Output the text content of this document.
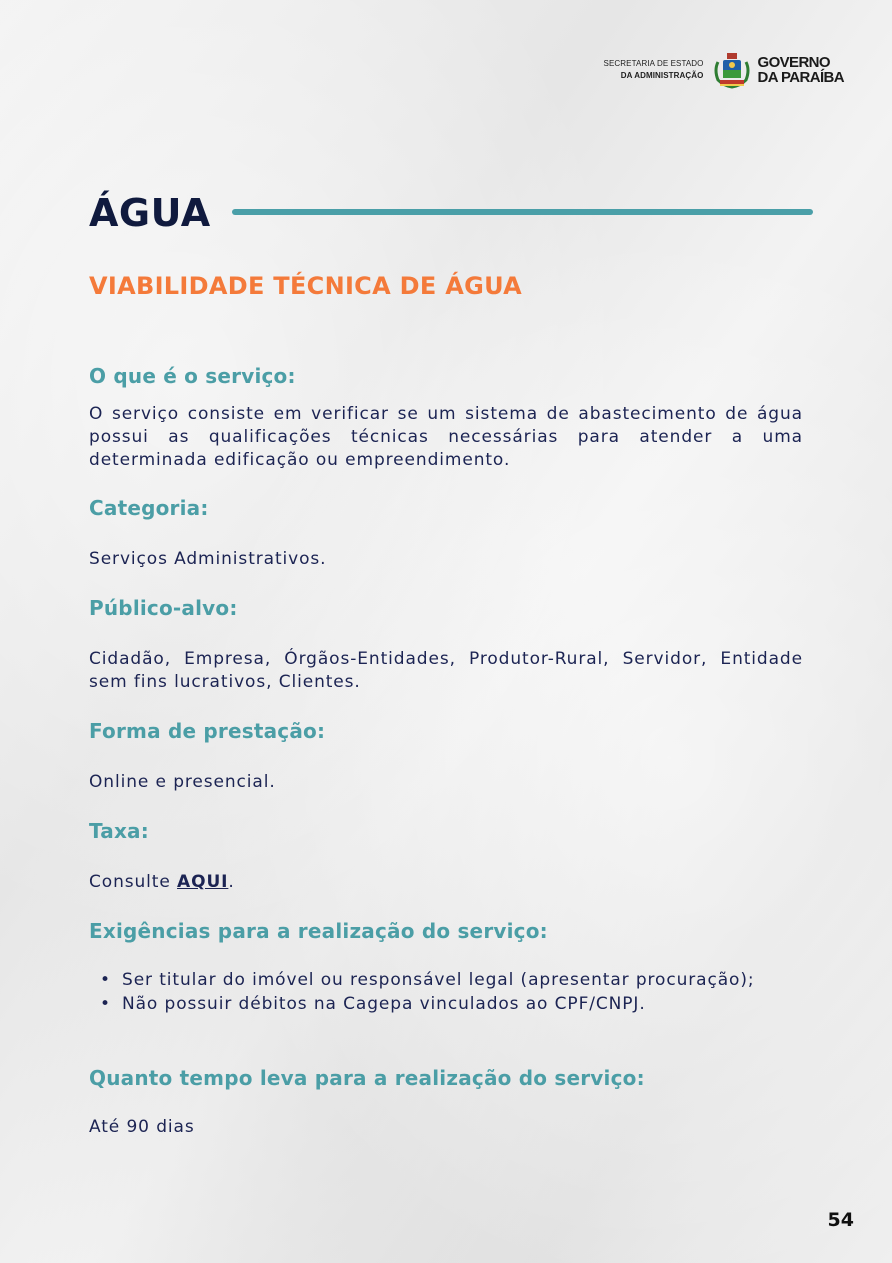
SECRETARIA DE ESTADO
DA ADMINISTRAÇÃO
GOVERNO
DA PARAÍBA
ÁGUA
VIABILIDADE TÉCNICA DE ÁGUA
O que é o serviço:
O serviço consiste em verificar se um sistema de abastecimento de água possui as qualificações técnicas necessárias para atender a uma determinada edificação ou empreendimento.
Categoria:
Serviços Administrativos.
Público-alvo:
Cidadão, Empresa, Órgãos-Entidades, Produtor-Rural, Servidor, Entidade sem fins lucrativos, Clientes.
Forma de prestação:
Online e presencial.
Taxa:
Consulte AQUI.
Exigências para a realização do serviço:
• Ser titular do imóvel ou responsável legal (apresentar procuração);
• Não possuir débitos na Cagepa vinculados ao CPF/CNPJ.
Quanto tempo leva para a realização do serviço:
Até 90 dias
54
